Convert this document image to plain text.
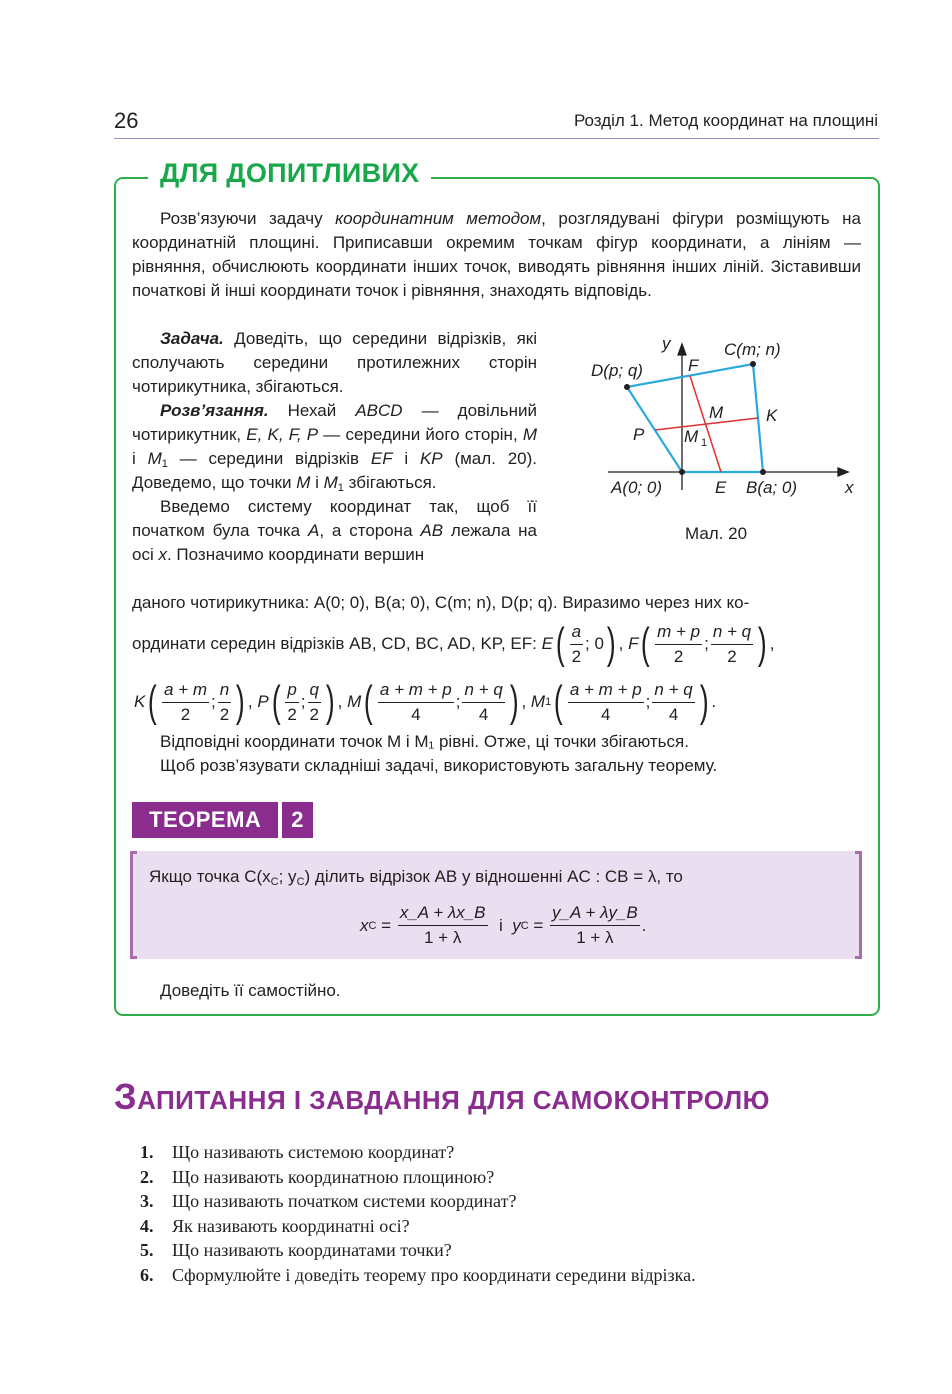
26	Розділ 1. Метод координат на площині
ДЛЯ ДОПИТЛИВИХ

Розв’язуючи задачу координатним методом, розглядувані фігури розміщують на координатній площині. Приписавши окремим точкам фігур координати, а лініям — рівняння, обчислюють координати інших точок, виводять рівняння інших ліній. Зіставивши початкові й інші координати точок і рівняння, знаходять відповідь.

Задача. Доведіть, що середини відрізків, які сполучають середини протилежних сторін чотирикутника, збігаються.

Розв’язання. Нехай ABCD — довільний чотирикутник, E, K, F, P — середини його сторін, M і $M_1$ — середини відрізків EF і KP (мал. 20). Доведемо, що точки M і $M_1$ збігаються.

Введемо систему координат так, щоб її початком була точка A, а сторона AB лежала на осі x. Позначимо координати вершин

даного чотирикутника: A(0; 0), B(a; 0), C(m; n), D(p; q). Виразимо через них ко-
y
x
C(m; n)
D(p; q)	F
M	K
P M 1
A(0; 0)	E B(a; 0)
Мал. 20
ординати середин відрізків AB, CD, BC, AD, KP, EF:
E ( $\frac{a}{2}$ ; 0 ) , F ( $\frac{m + p}{2}$ ; $\frac{n + q}{2}$ ) ,
K ( $\frac{a + m}{2}$ ; $\frac{n}{2}$ ) , P ( $\frac{p}{2}$ ; $\frac{q}{2}$ ) , M ( $\frac{a + m + p}{4}$ ; $\frac{n + q}{4}$ ) , M 1 ( $\frac{a + m + p}{4}$ ; $\frac{n + q}{4}$ ) .
Відповідні координати точок M і M₁ рівні. Отже, ці точки збігаються.
Щоб розв’язувати складніші задачі, використовують загальну теорему.
ТЕОРЕМА	2
Якщо точка $C(x_C$; $y_C$) ділить відрізок AB у відношенні AC : CB = λ, то
x $C = \frac{x\_A + \lambda x\_B}{1 + \lambda}$
і
y $C = \frac{y\_A + \lambda y\_B}{1 + \lambda}$ .
Доведіть її самостійно.
ЗАПИТАННЯ І ЗАВДАННЯ ДЛЯ САМОКОНТРОЛЮ
1.	Що називають системою координат?
2.	Що називають координатною площиною?
3.	Що називають початком системи координат?
4.	Як називають координатні осі?
5.	Що називають координатами точки?
6.	Сформулюйте і доведіть теорему про координати середини відрізка.
